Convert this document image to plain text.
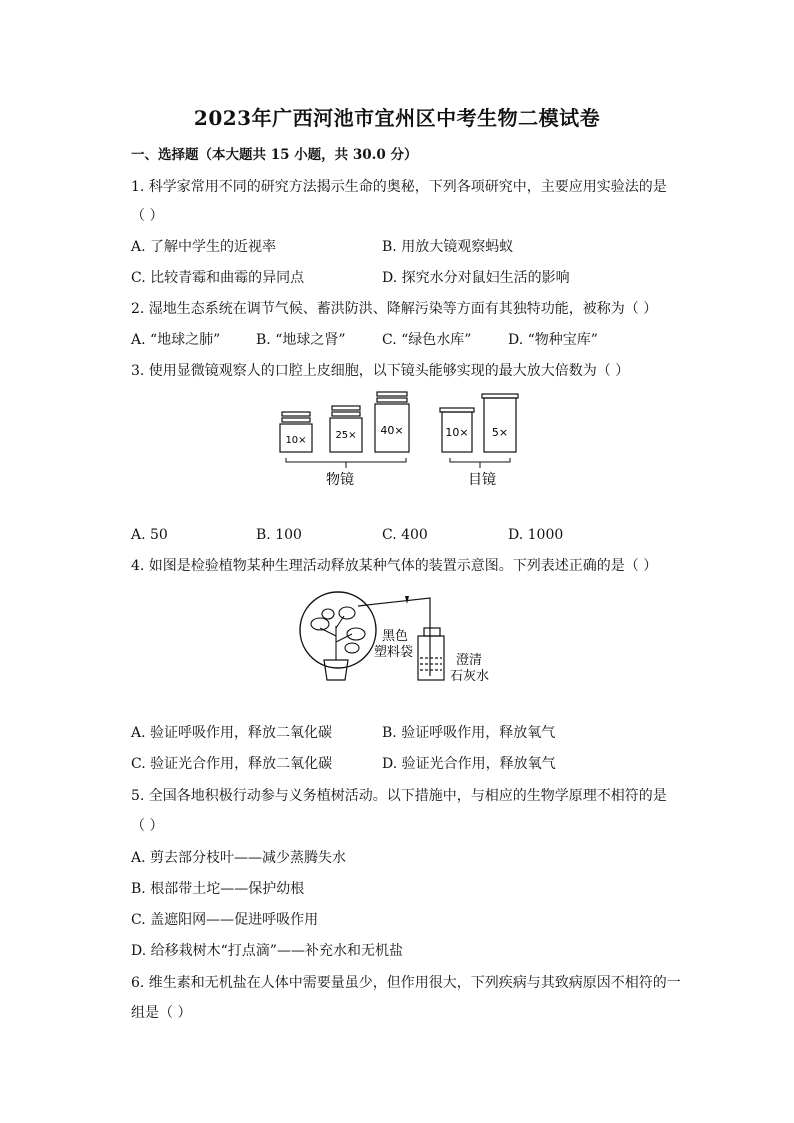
2023年广西河池市宜州区中考生物二模试卷
一、选择题（本大题共 15 小题，共 30.0 分）
1. 科学家常用不同的研究方法揭示生命的奥秘，下列各项研究中，主要应用实验法的是
（ ）
A. 了解中学生的近视率	B. 用放大镜观察蚂蚁
C. 比较青霉和曲霉的异同点	D. 探究水分对鼠妇生活的影响
2. 湿地生态系统在调节气候、蓄洪防洪、降解污染等方面有其独特功能，被称为（ ）
A. “地球之肺”	B. “地球之肾”	C. “绿色水库”	D. “物种宝库”
3. 使用显微镜观察人的口腔上皮细胞，以下镜头能够实现的最大放大倍数为（ ）
10×	25× 40×	10× 5×
物镜	目镜
A. 50	B. 100	C. 400	D. 1000
4. 如图是检验植物某种生理活动释放某种气体的装置示意图。下列表述正确的是（ ）
黑色
塑料袋
澄清
石灰水
A. 验证呼吸作用，释放二氧化碳	B. 验证呼吸作用，释放氧气
C. 验证光合作用，释放二氧化碳	D. 验证光合作用，释放氧气
5. 全国各地积极行动参与义务植树活动。以下措施中，与相应的生物学原理不相符的是
（ ）
A. 剪去部分枝叶——减少蒸腾失水
B. 根部带土坨——保护幼根
C. 盖遮阳网——促进呼吸作用
D. 给移栽树木“打点滴”——补充水和无机盐
6. 维生素和无机盐在人体中需要量虽少，但作用很大，下列疾病与其致病原因不相符的一
组是（ ）
